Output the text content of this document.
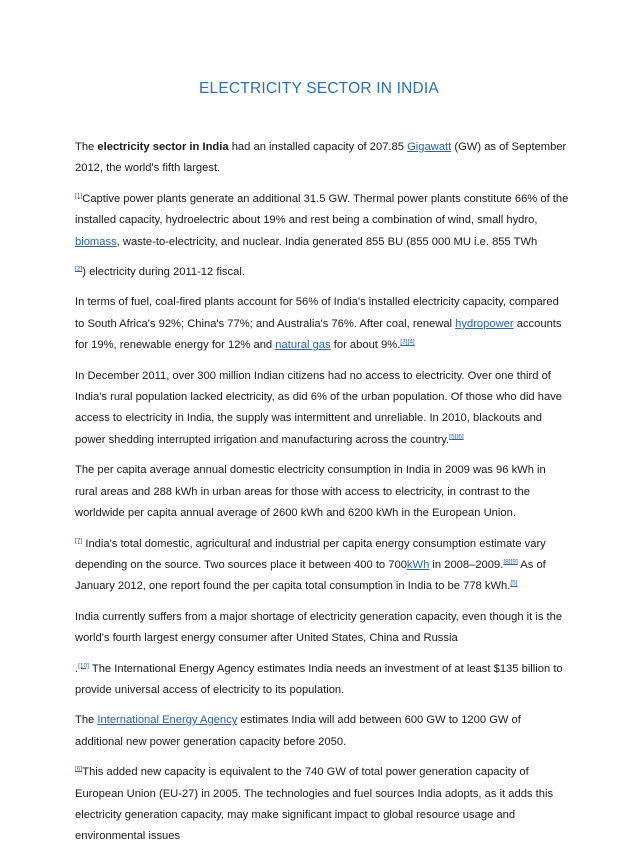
ELECTRICITY SECTOR IN INDIA

The electricity sector in India had an installed capacity of 207.85 Gigawatt (GW) as of September 2012, the world's fifth largest.

[1]Captive power plants generate an additional 31.5 GW. Thermal power plants constitute 66% of the installed capacity, hydroelectric about 19% and rest being a combination of wind, small hydro, biomass, waste-to-electricity, and nuclear. India generated 855 BU (855 000 MU i.e. 855 TWh

[2]) electricity during 2011-12 fiscal.

In terms of fuel, coal-fired plants account for 56% of India's installed electricity capacity, compared to South Africa's 92%; China's 77%; and Australia's 76%. After coal, renewal hydropower accounts for 19%, renewable energy for 12% and natural gas for about 9%.[3][4]

In December 2011, over 300 million Indian citizens had no access to electricity. Over one third of India's rural population lacked electricity, as did 6% of the urban population. Of those who did have access to electricity in India, the supply was intermittent and unreliable. In 2010, blackouts and power shedding interrupted irrigation and manufacturing across the country.[5][6]

The per capita average annual domestic electricity consumption in India in 2009 was 96 kWh in rural areas and 288 kWh in urban areas for those with access to electricity, in contrast to the worldwide per capita annual average of 2600 kWh and 6200 kWh in the European Union.

[7] India's total domestic, agricultural and industrial per capita energy consumption estimate vary depending on the source. Two sources place it between 400 to 700kWh in 2008–2009.[8][9] As of January 2012, one report found the per capita total consumption in India to be 778 kWh.[5]

India currently suffers from a major shortage of electricity generation capacity, even though it is the world's fourth largest energy consumer after United States, China and Russia

.[10] The International Energy Agency estimates India needs an investment of at least $135 billion to provide universal access of electricity to its population.

The International Energy Agency estimates India will add between 600 GW to 1200 GW of additional new power generation capacity before 2050.

[6]This added new capacity is equivalent to the 740 GW of total power generation capacity of European Union (EU-27) in 2005. The technologies and fuel sources India adopts, as it adds this electricity generation capacity, may make significant impact to global resource usage and environmental issues
